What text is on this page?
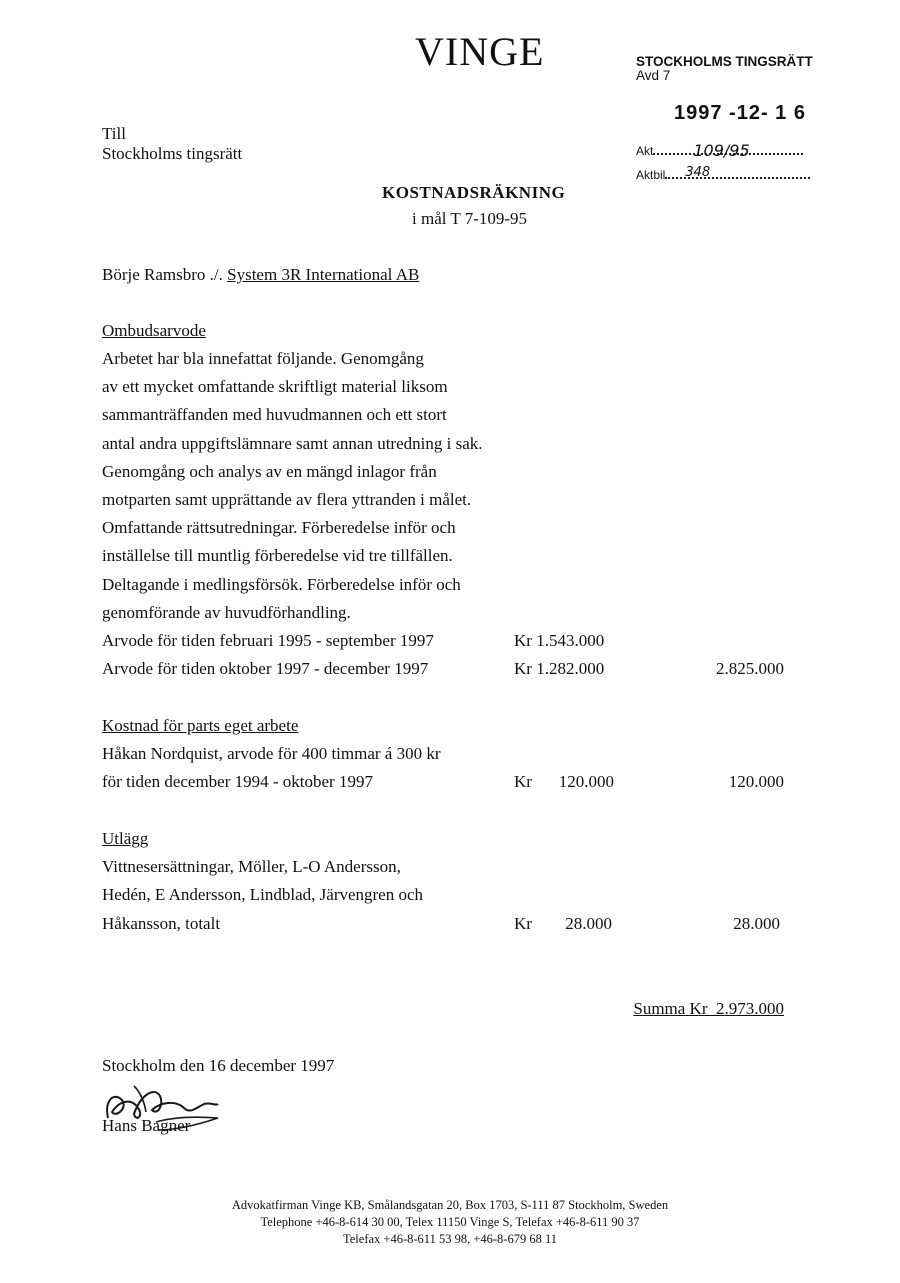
VINGE	STOCKHOLMS TINGSRÄTT
Avd 7
1997 -12- 1 6
Akt	109/95
Aktbil 348
Till
Stockholms tingsrätt
KOSTNADSRÄKNING
i mål T 7-109-95
Börje Ramsbro ./. System 3R International AB
Ombudsarvode
Arbetet har bla innefattat följande. Genomgång
av ett mycket omfattande skriftligt material liksom
sammanträffanden med huvudmannen och ett stort
antal andra uppgiftslämnare samt annan utredning i sak.
Genomgång och analys av en mängd inlagor från
motparten samt upprättande av flera yttranden i målet.
Omfattande rättsutredningar. Förberedelse inför och
inställelse till muntlig förberedelse vid tre tillfällen.
Deltagande i medlingsförsök. Förberedelse inför och
genomförande av huvudförhandling.
Arvode för tiden februari 1995 - september 1997	Kr 1.543.000
Arvode för tiden oktober 1997 - december 1997	Kr 1.282.000	2.825.000
Kostnad för parts eget arbete
Håkan Nordquist, arvode för 400 timmar á 300 kr
för tiden december 1994 - oktober 1997	Kr	120.000	120.000
Utlägg
Vittnesersättningar, Möller, L-O Andersson,
Hedén, E Andersson, Lindblad, Järvengren och
Håkansson, totalt	Kr	28.000	28.000
Summa Kr  2.973.000
Stockholm den 16 december 1997
Hans Bagner
Advokatfirman Vinge KB, Smålandsgatan 20, Box 1703, S-111 87 Stockholm, Sweden
Telephone +46-8-614 30 00, Telex 11150 Vinge S, Telefax +46-8-611 90 37
Telefax +46-8-611 53 98, +46-8-679 68 11
